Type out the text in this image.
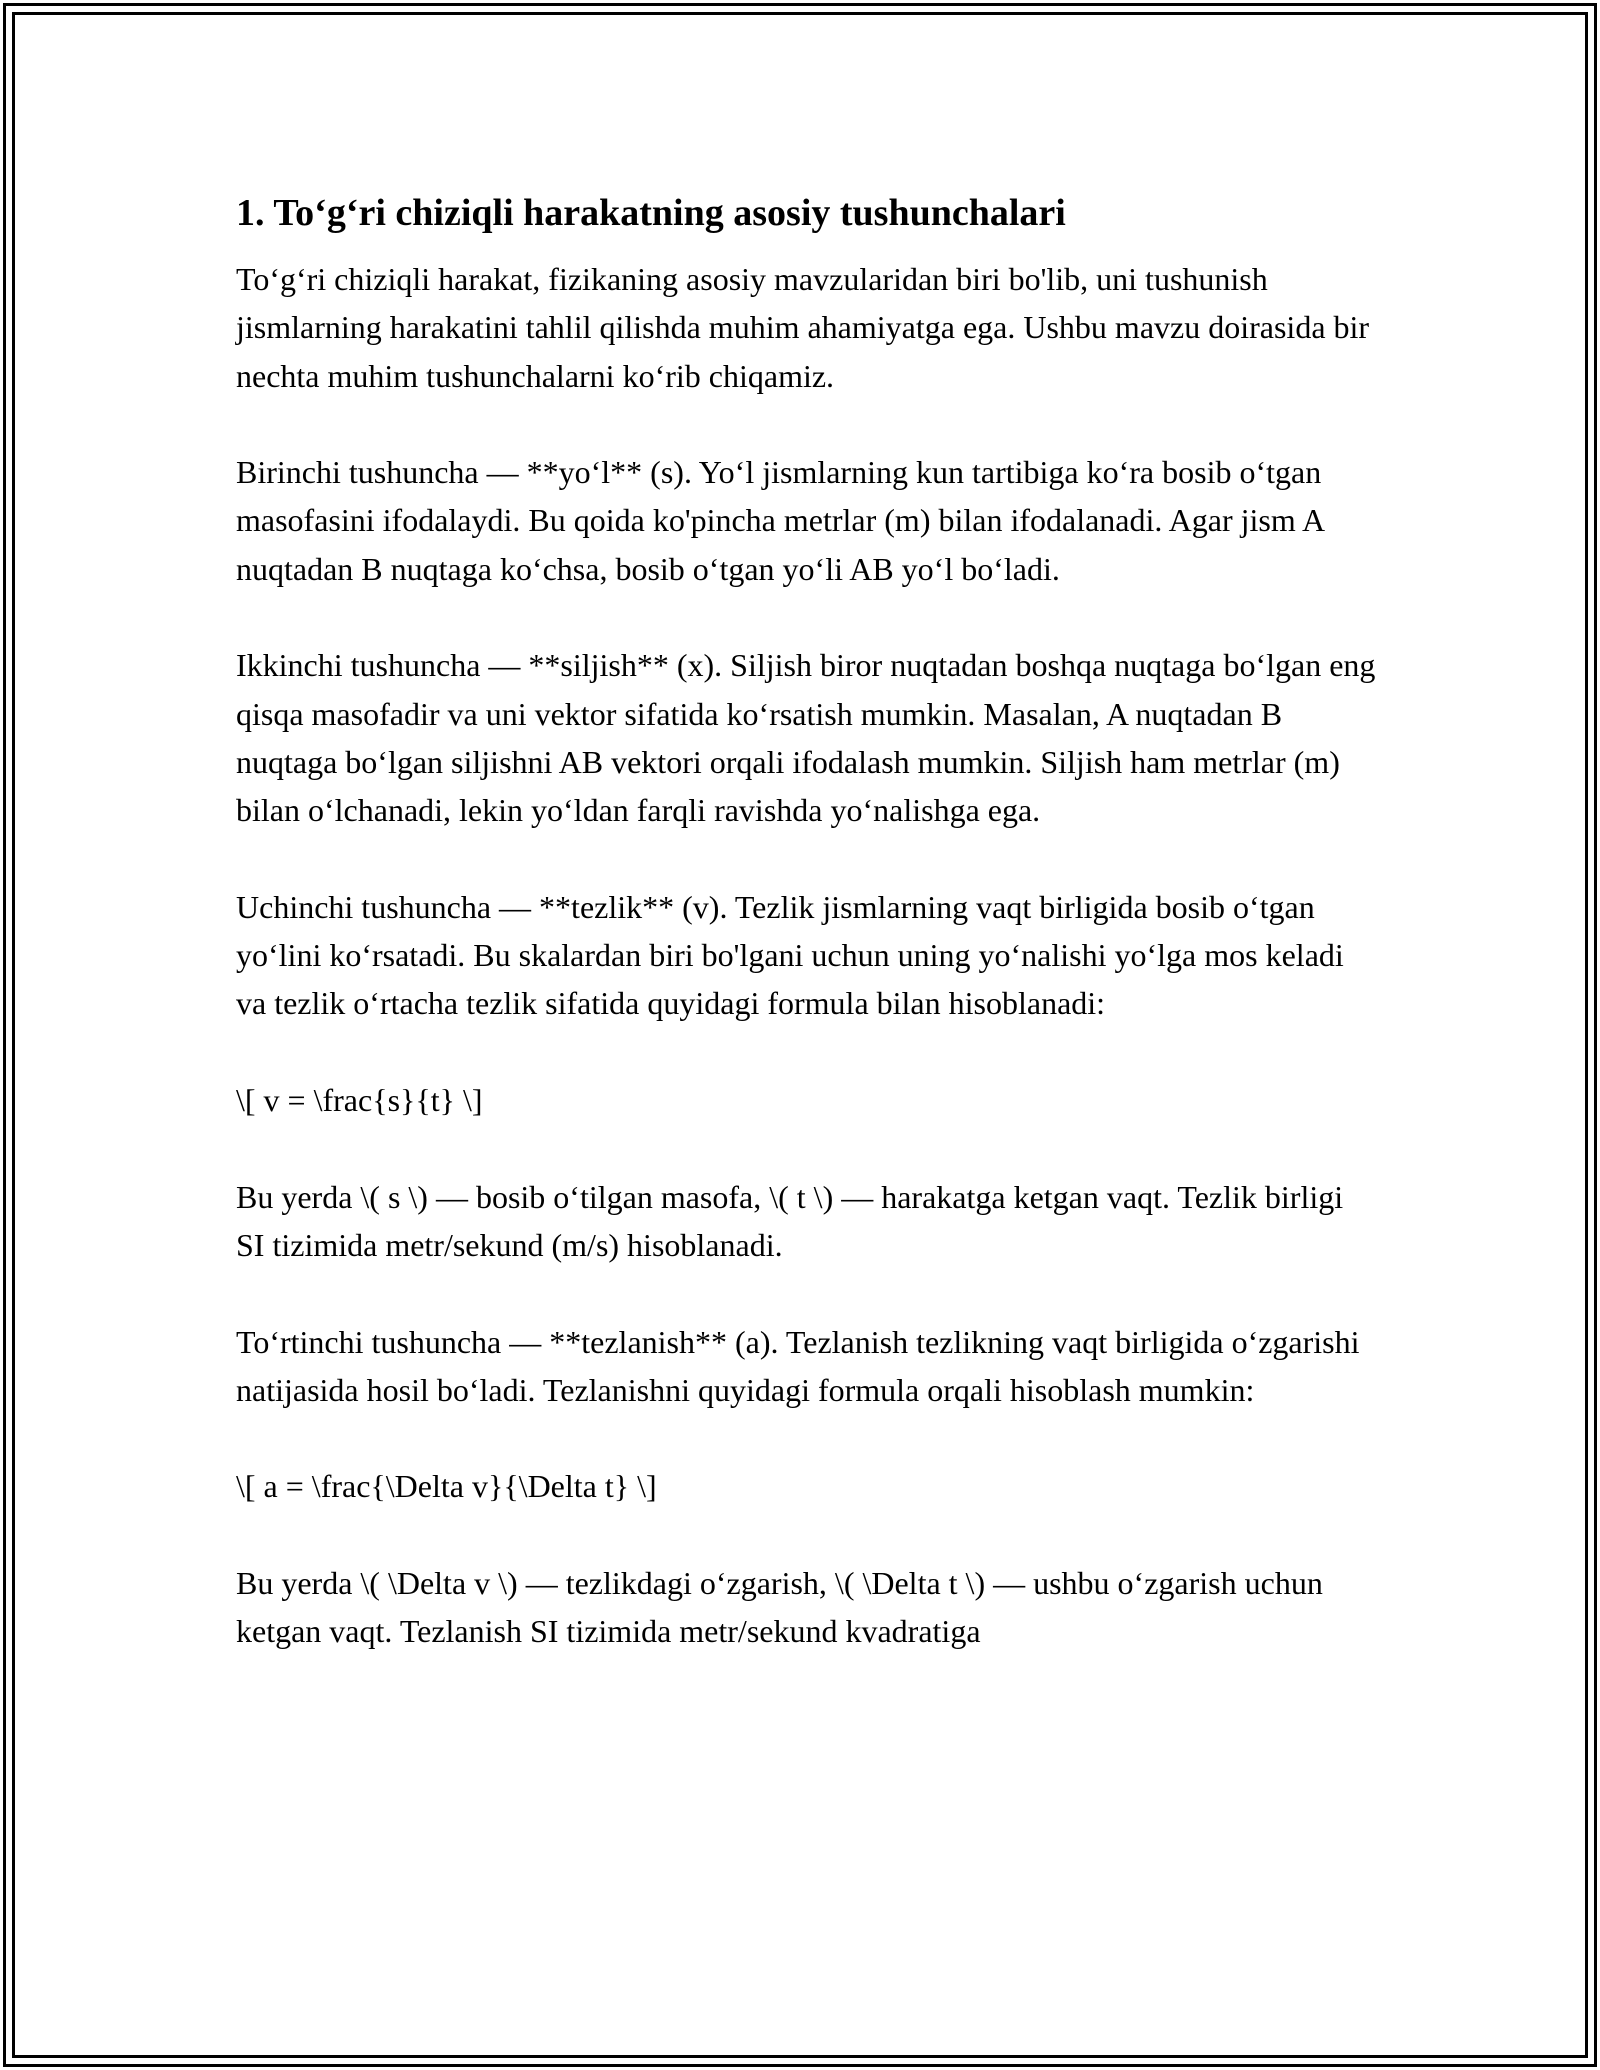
1. To‘g‘ri chiziqli harakatning asosiy tushunchalari

To‘g‘ri chiziqli harakat, fizikaning asosiy mavzularidan biri bo'lib, uni tushunish jismlarning harakatini tahlil qilishda muhim ahamiyatga ega. Ushbu mavzu doirasida bir nechta muhim tushunchalarni ko‘rib chiqamiz.

Birinchi tushuncha — **yo‘l** (s). Yo‘l jismlarning kun tartibiga ko‘ra bosib o‘tgan masofasini ifodalaydi. Bu qoida ko'pincha metrlar (m) bilan ifodalanadi. Agar jism A nuqtadan B nuqtaga ko‘chsa, bosib o‘tgan yo‘li AB yo‘l bo‘ladi.

Ikkinchi tushuncha — **siljish** (x). Siljish biror nuqtadan boshqa nuqtaga bo‘lgan eng qisqa masofadir va uni vektor sifatida ko‘rsatish mumkin. Masalan, A nuqtadan B nuqtaga bo‘lgan siljishni AB vektori orqali ifodalash mumkin. Siljish ham metrlar (m) bilan o‘lchanadi, lekin yo‘ldan farqli ravishda yo‘nalishga ega.

Uchinchi tushuncha — **tezlik** (v). Tezlik jismlarning vaqt birligida bosib o‘tgan yo‘lini ko‘rsatadi. Bu skalardan biri bo'lgani uchun uning yo‘nalishi yo‘lga mos keladi va tezlik o‘rtacha tezlik sifatida quyidagi formula bilan hisoblanadi:

\[ v = \frac{s}{t} \]

Bu yerda \( s \) — bosib o‘tilgan masofa, \( t \) — harakatga ketgan vaqt. Tezlik birligi SI tizimida metr/sekund (m/s) hisoblanadi.

To‘rtinchi tushuncha — **tezlanish** (a). Tezlanish tezlikning vaqt birligida o‘zgarishi natijasida hosil bo‘ladi. Tezlanishni quyidagi formula orqali hisoblash mumkin:

\[ a = \frac{\Delta v}{\Delta t} \]

Bu yerda \( \Delta v \) — tezlikdagi o‘zgarish, \( \Delta t \) — ushbu o‘zgarish uchun ketgan vaqt. Tezlanish SI tizimida metr/sekund kvadratiga
